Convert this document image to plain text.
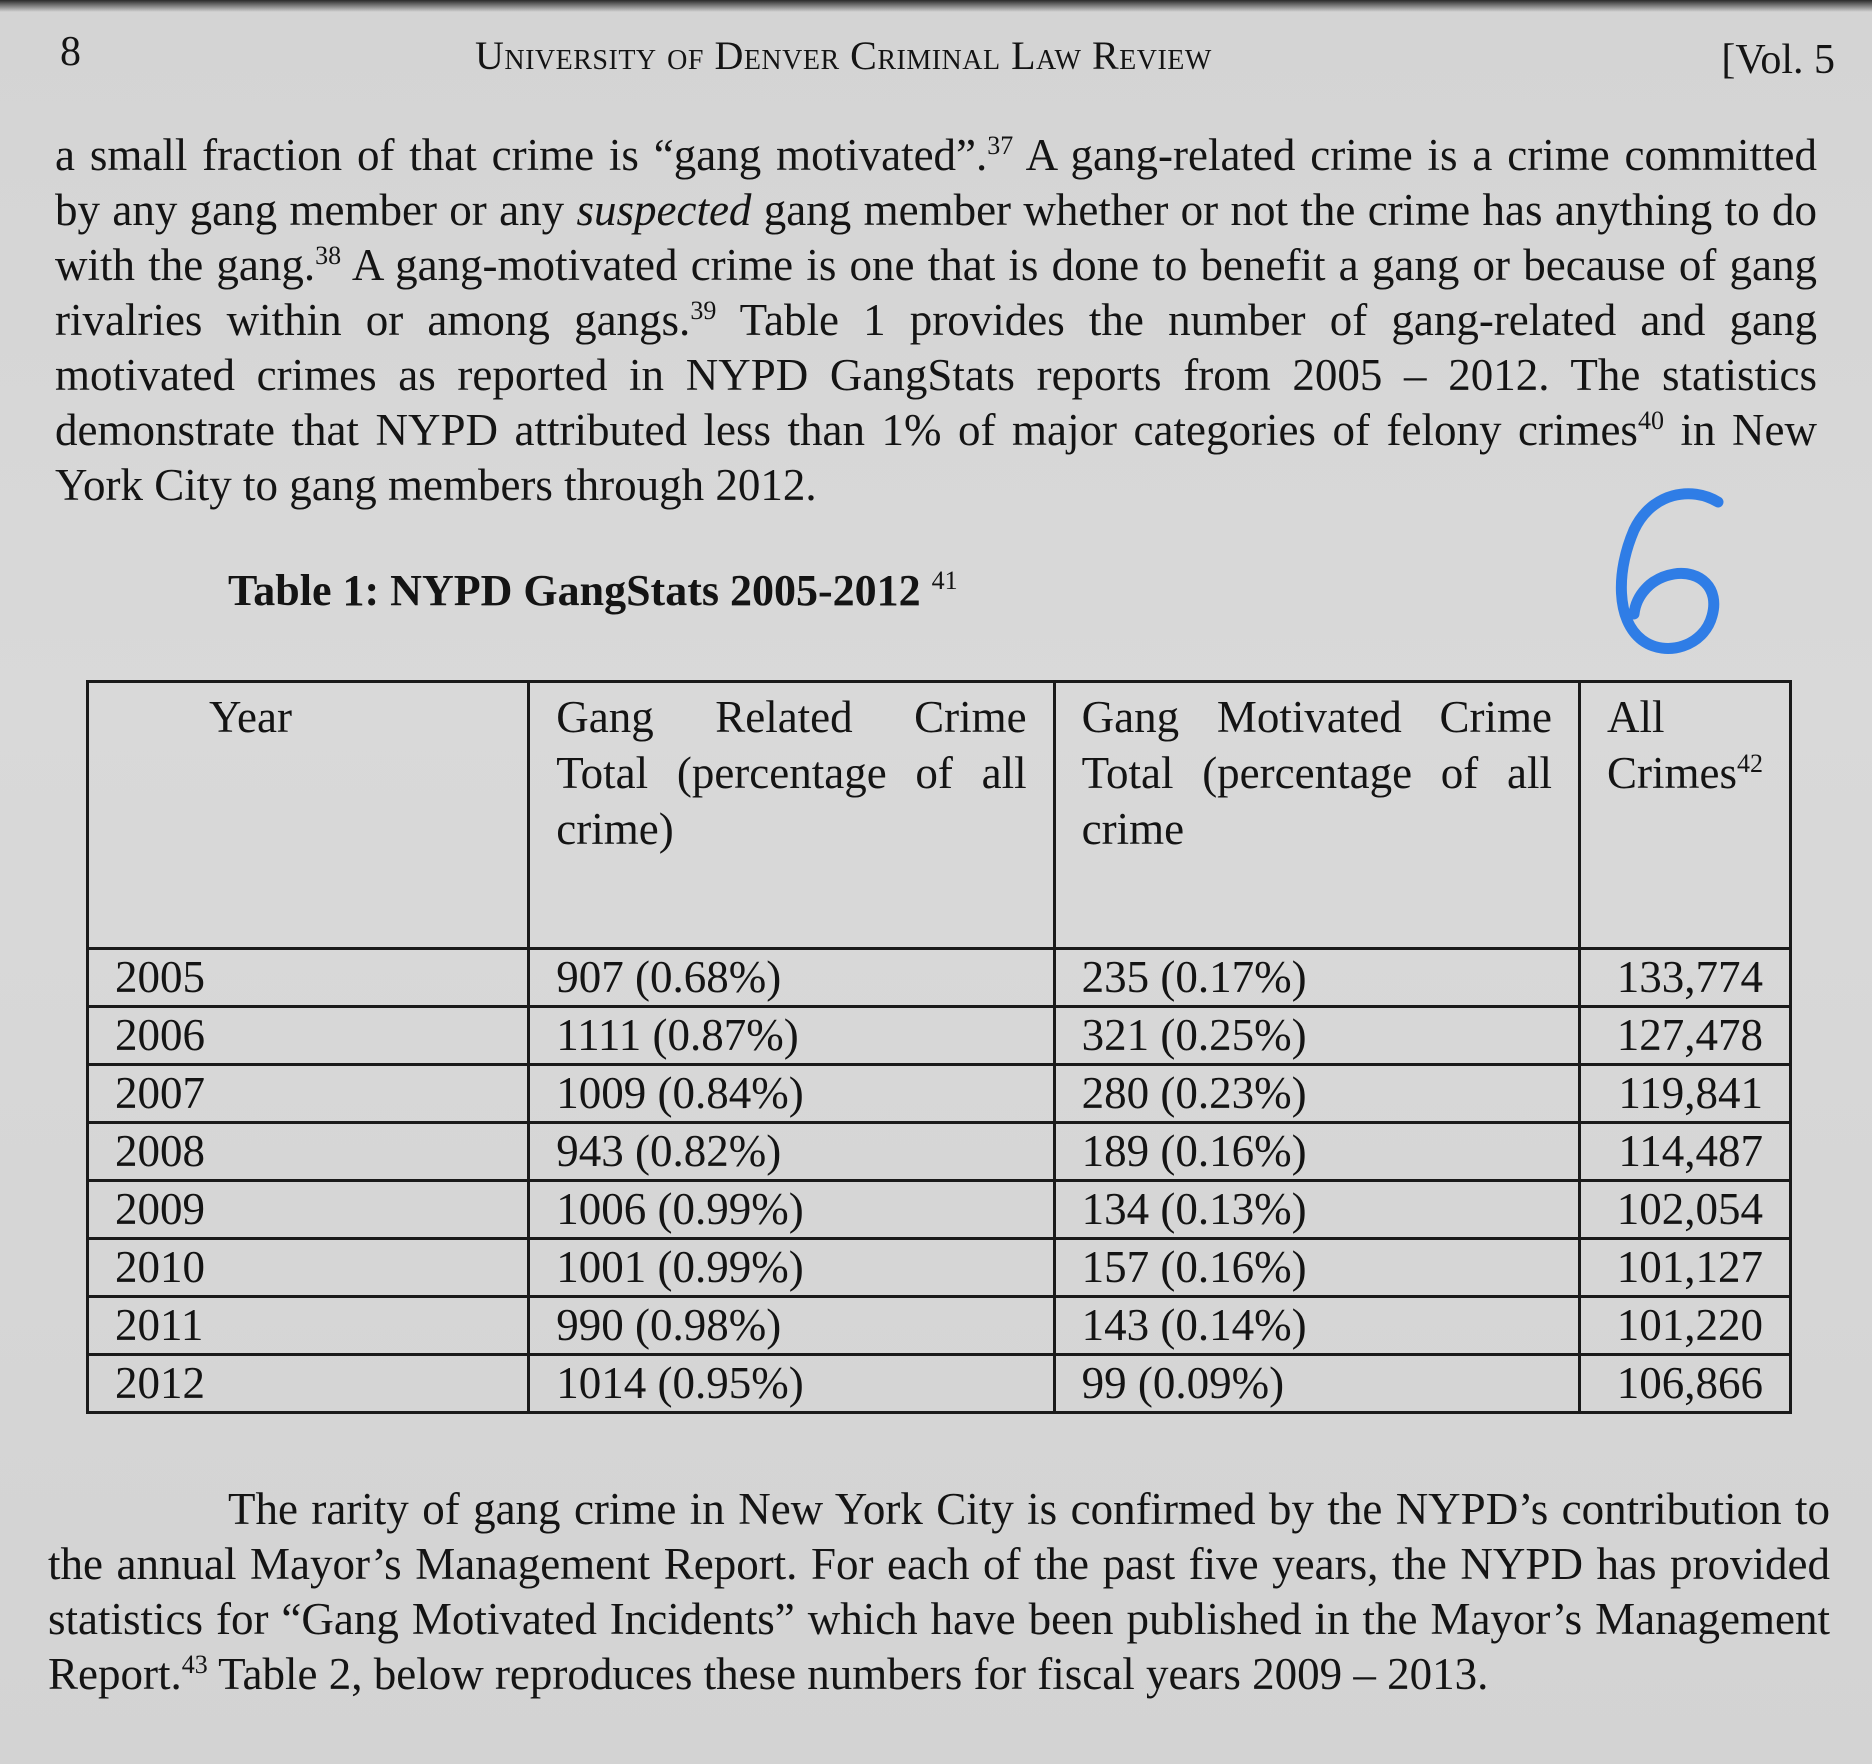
8	University of Denver Criminal Law Review	[Vol. 5

a small fraction of that crime is “gang motivated”.$^{37}$ A gang-related crime is a crime committed by any gang member or any suspected gang member whether or not the crime has anything to do with the gang.$^{38}$ A gang-motivated crime is one that is done to benefit a gang or because of gang rivalries within or among gangs.$^{39}$ Table 1 provides the number of gang-related and gang motivated crimes as reported in NYPD GangStats reports from 2005 – 2012. The statistics demonstrate that NYPD attributed less than 1% of major categories of felony crimes$^{40}$ in New York City to gang members through 2012.

Table 1: NYPD GangStats 2005-2012 $^{41}$
Year	Gang Related Crime Total (percentage of all crime)	Gang Motivated Crime Total (percentage of all crime	All Crimes$^{42}$
2005	907 (0.68%)	235 (0.17%)	133,774
2006	1111 (0.87%)	321 (0.25%)	127,478
2007	1009 (0.84%)	280 (0.23%)	119,841
2008	943 (0.82%)	189 (0.16%)	114,487
2009	1006 (0.99%)	134 (0.13%)	102,054
2010	1001 (0.99%)	157 (0.16%)	101,127
2011	990 (0.98%)	143 (0.14%)	101,220
2012	1014 (0.95%)	99 (0.09%)	106,866

The rarity of gang crime in New York City is confirmed by the NYPD’s contribution to the annual Mayor’s Management Report. For each of the past five years, the NYPD has provided statistics for “Gang Motivated Incidents” which have been published in the Mayor’s Management Report.$^{43}$ Table 2, below reproduces these numbers for fiscal years 2009 – 2013.
